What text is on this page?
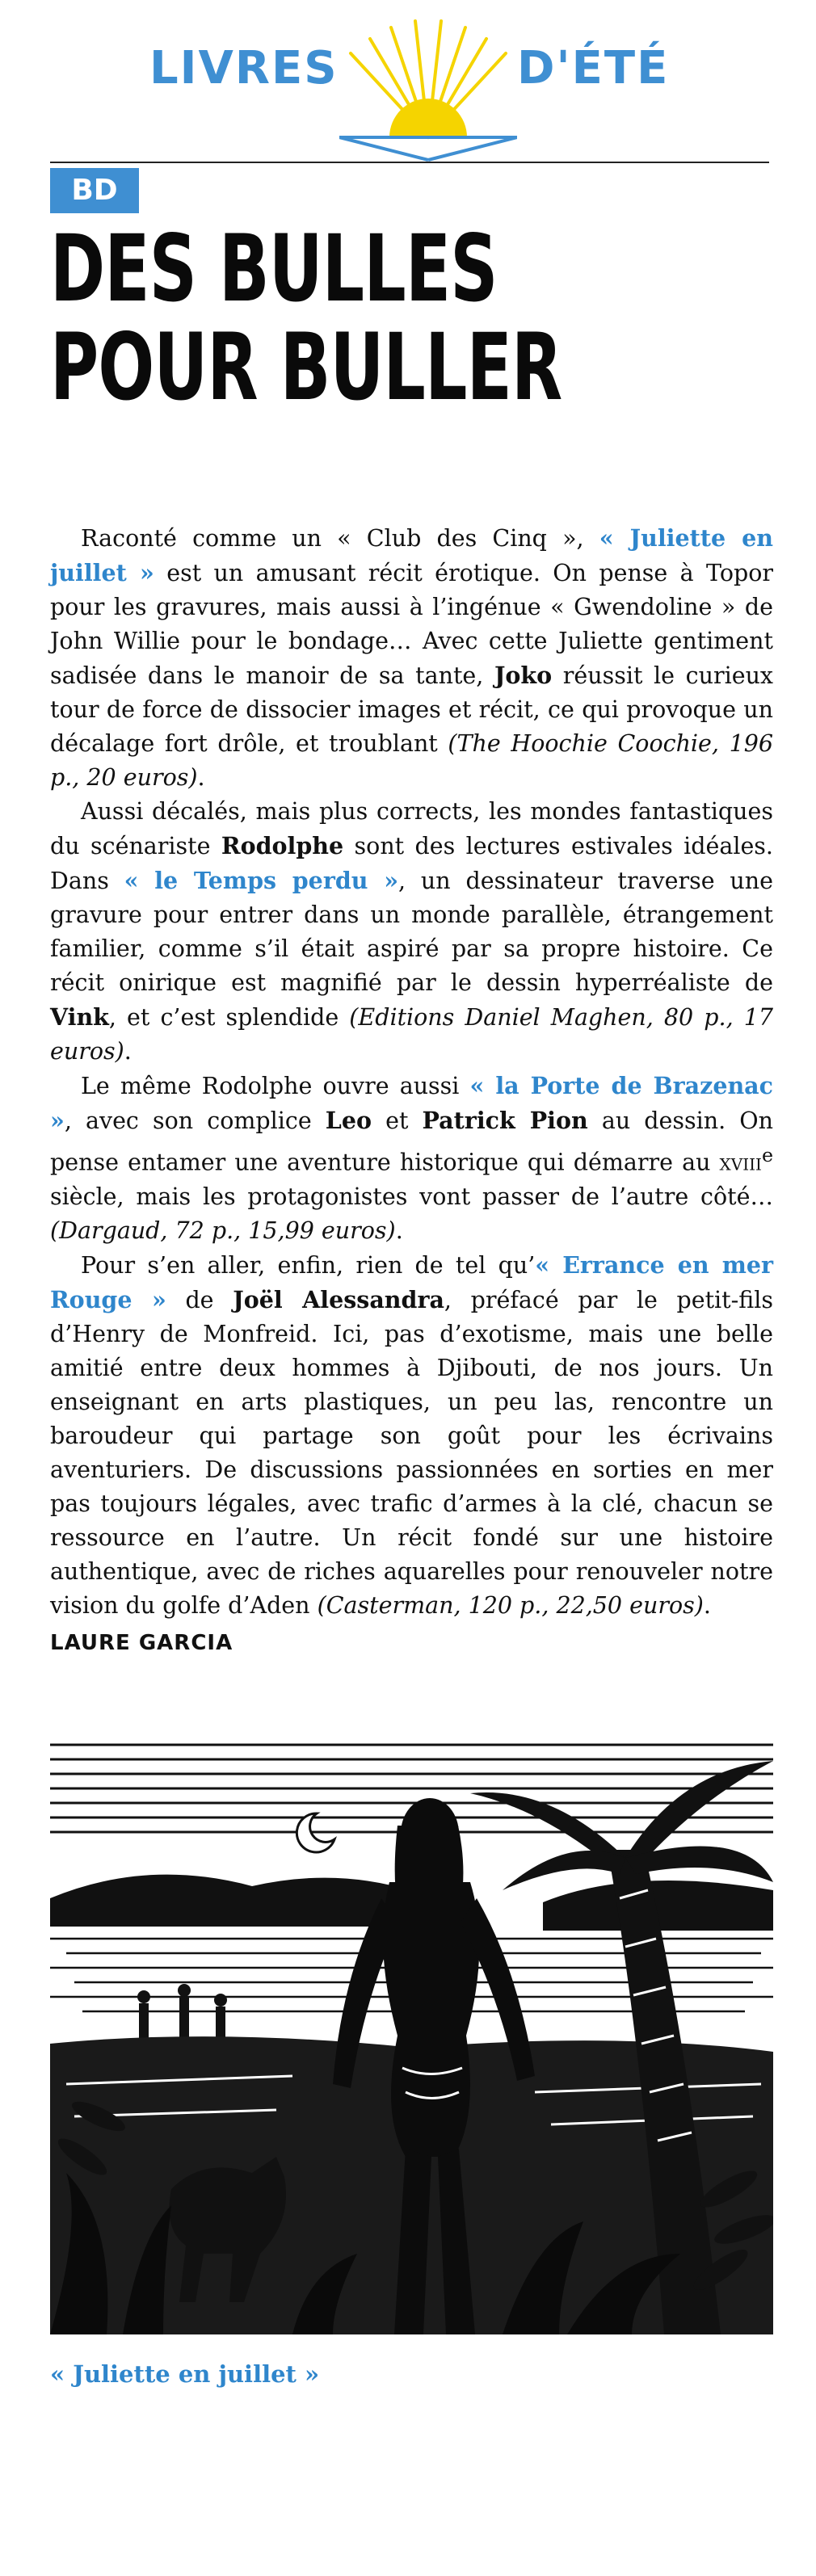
LIVRES	D'ÉTÉ
BD
DES BULLES
POUR BULLER

Raconté comme un « Club des Cinq », « Juliette en juillet » est un amusant récit érotique. On pense à Topor pour les gravures, mais aussi à l’ingénue « Gwendoline » de John Willie pour le bondage… Avec cette Juliette gentiment sadisée dans le manoir de sa tante, Joko réussit le curieux tour de force de dissocier images et récit, ce qui provoque un décalage fort drôle, et troublant (The Hoochie Coochie, 196 p., 20 euros).

Aussi décalés, mais plus corrects, les mondes fantastiques du scénariste Rodolphe sont des lectures estivales idéales. Dans « le Temps perdu », un dessinateur traverse une gravure pour entrer dans un monde parallèle, étrangement familier, comme s’il était aspiré par sa propre histoire. Ce récit onirique est magnifié par le dessin hyperréaliste de Vink, et c’est splendide (Editions Daniel Maghen, 80 p., 17 euros).

Le même Rodolphe ouvre aussi « la Porte de Brazenac », avec son complice Leo et Patrick Pion au dessin. On pense entamer une aventure historique qui démarre au xviii$^e$ siècle, mais les protagonistes vont passer de l’autre côté… (Dargaud, 72 p., 15,99 euros).

Pour s’en aller, enfin, rien de tel qu’« Errance en mer Rouge » de Joël Alessandra, préfacé par le petit-fils d’Henry de Monfreid. Ici, pas d’exotisme, mais une belle amitié entre deux hommes à Djibouti, de nos jours. Un enseignant en arts plastiques, un peu las, rencontre un baroudeur qui partage son goût pour les écrivains aventuriers. De discussions passionnées en sorties en mer pas toujours légales, avec trafic d’armes à la clé, chacun se ressource en l’autre. Un récit fondé sur une histoire authentique, avec de riches aquarelles pour renouveler notre vision du golfe d’Aden (Casterman, 120 p., 22,50 euros).

LAURE GARCIA
« Juliette en juillet »
